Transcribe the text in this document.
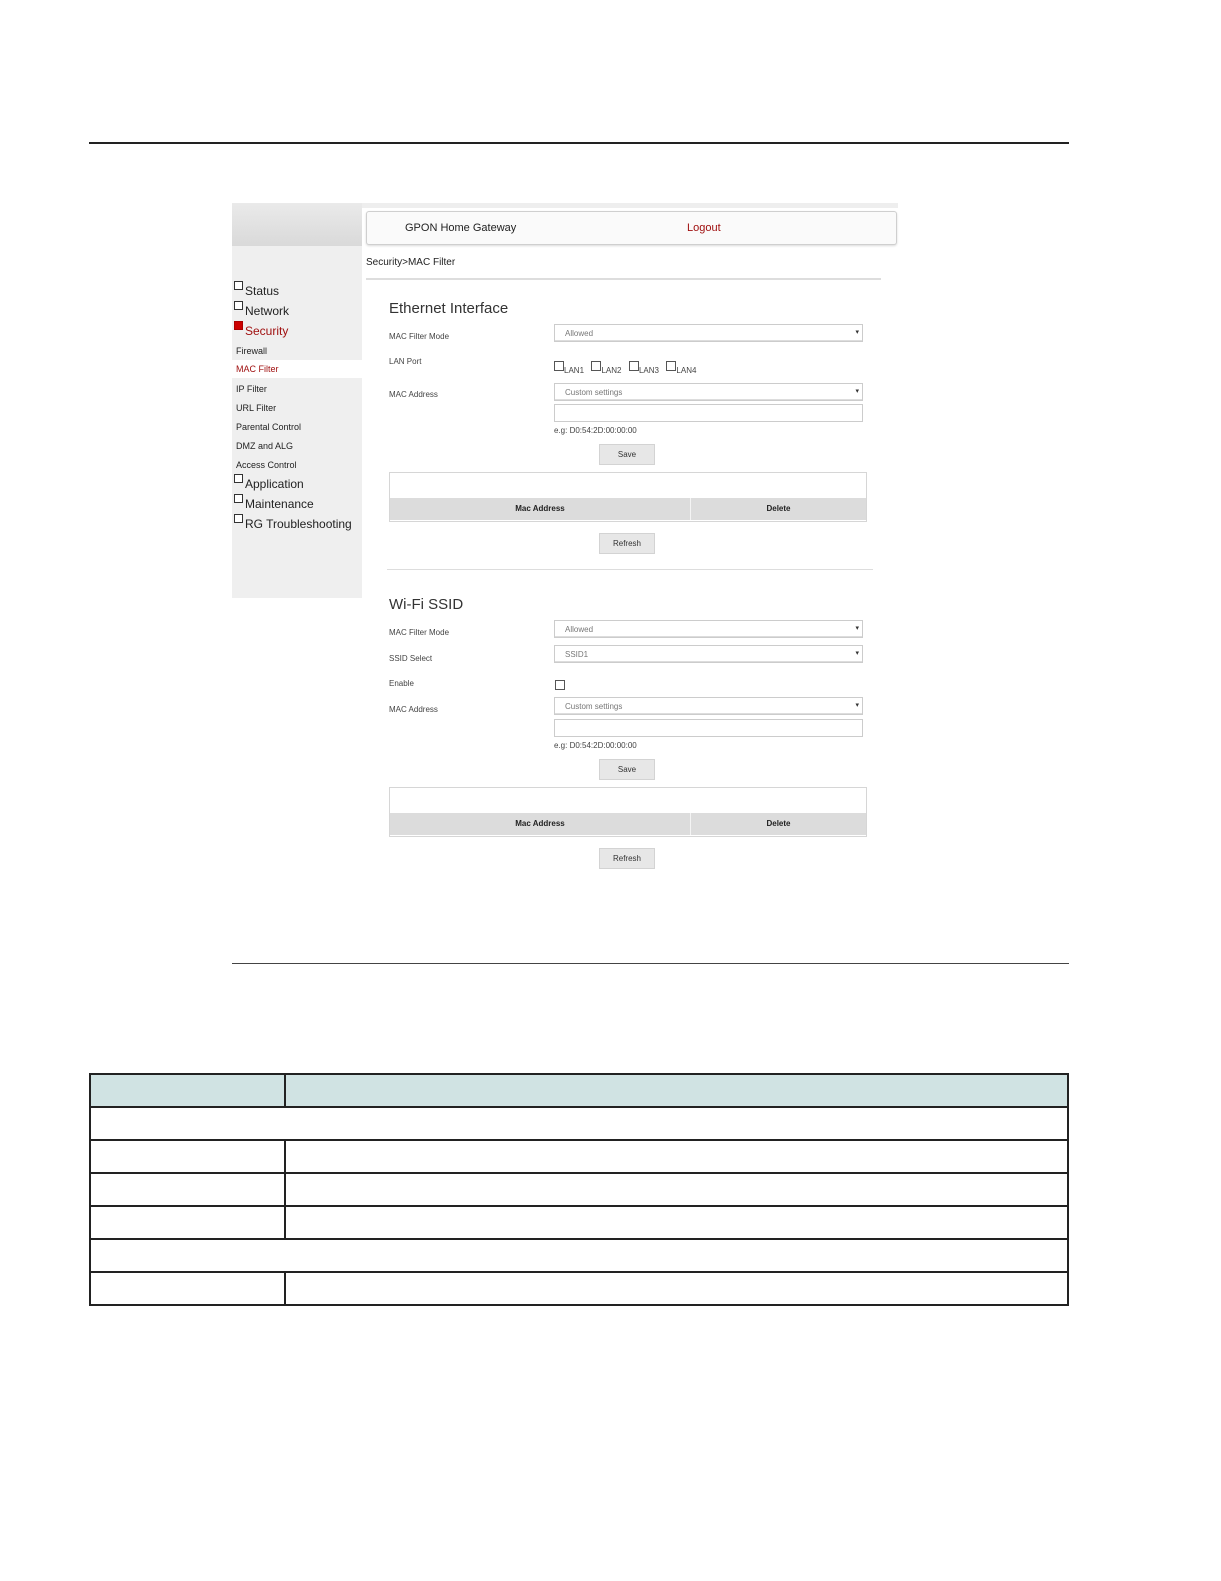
GPON Home Gateway	Logout
Security>MAC Filter
Status
Network
Security
Firewall
MAC Filter
IP Filter
URL Filter
Parental Control
DMZ and ALG
Access Control
Application
Maintenance
RG Troubleshooting
Ethernet Interface
MAC Filter Mode	Allowed	▾
LAN Port
LAN1 LAN2 LAN3 LAN4
MAC Address	Custom settings	▾
e.g: D0:54:2D:00:00:00
Save
Mac Address	Delete
Refresh
Wi-Fi SSID
MAC Filter Mode	Allowed	▾
SSID Select	SSID1	▾
Enable
MAC Address	Custom settings	▾
e.g: D0:54:2D:00:00:00
Save
Mac Address	Delete
Refresh
